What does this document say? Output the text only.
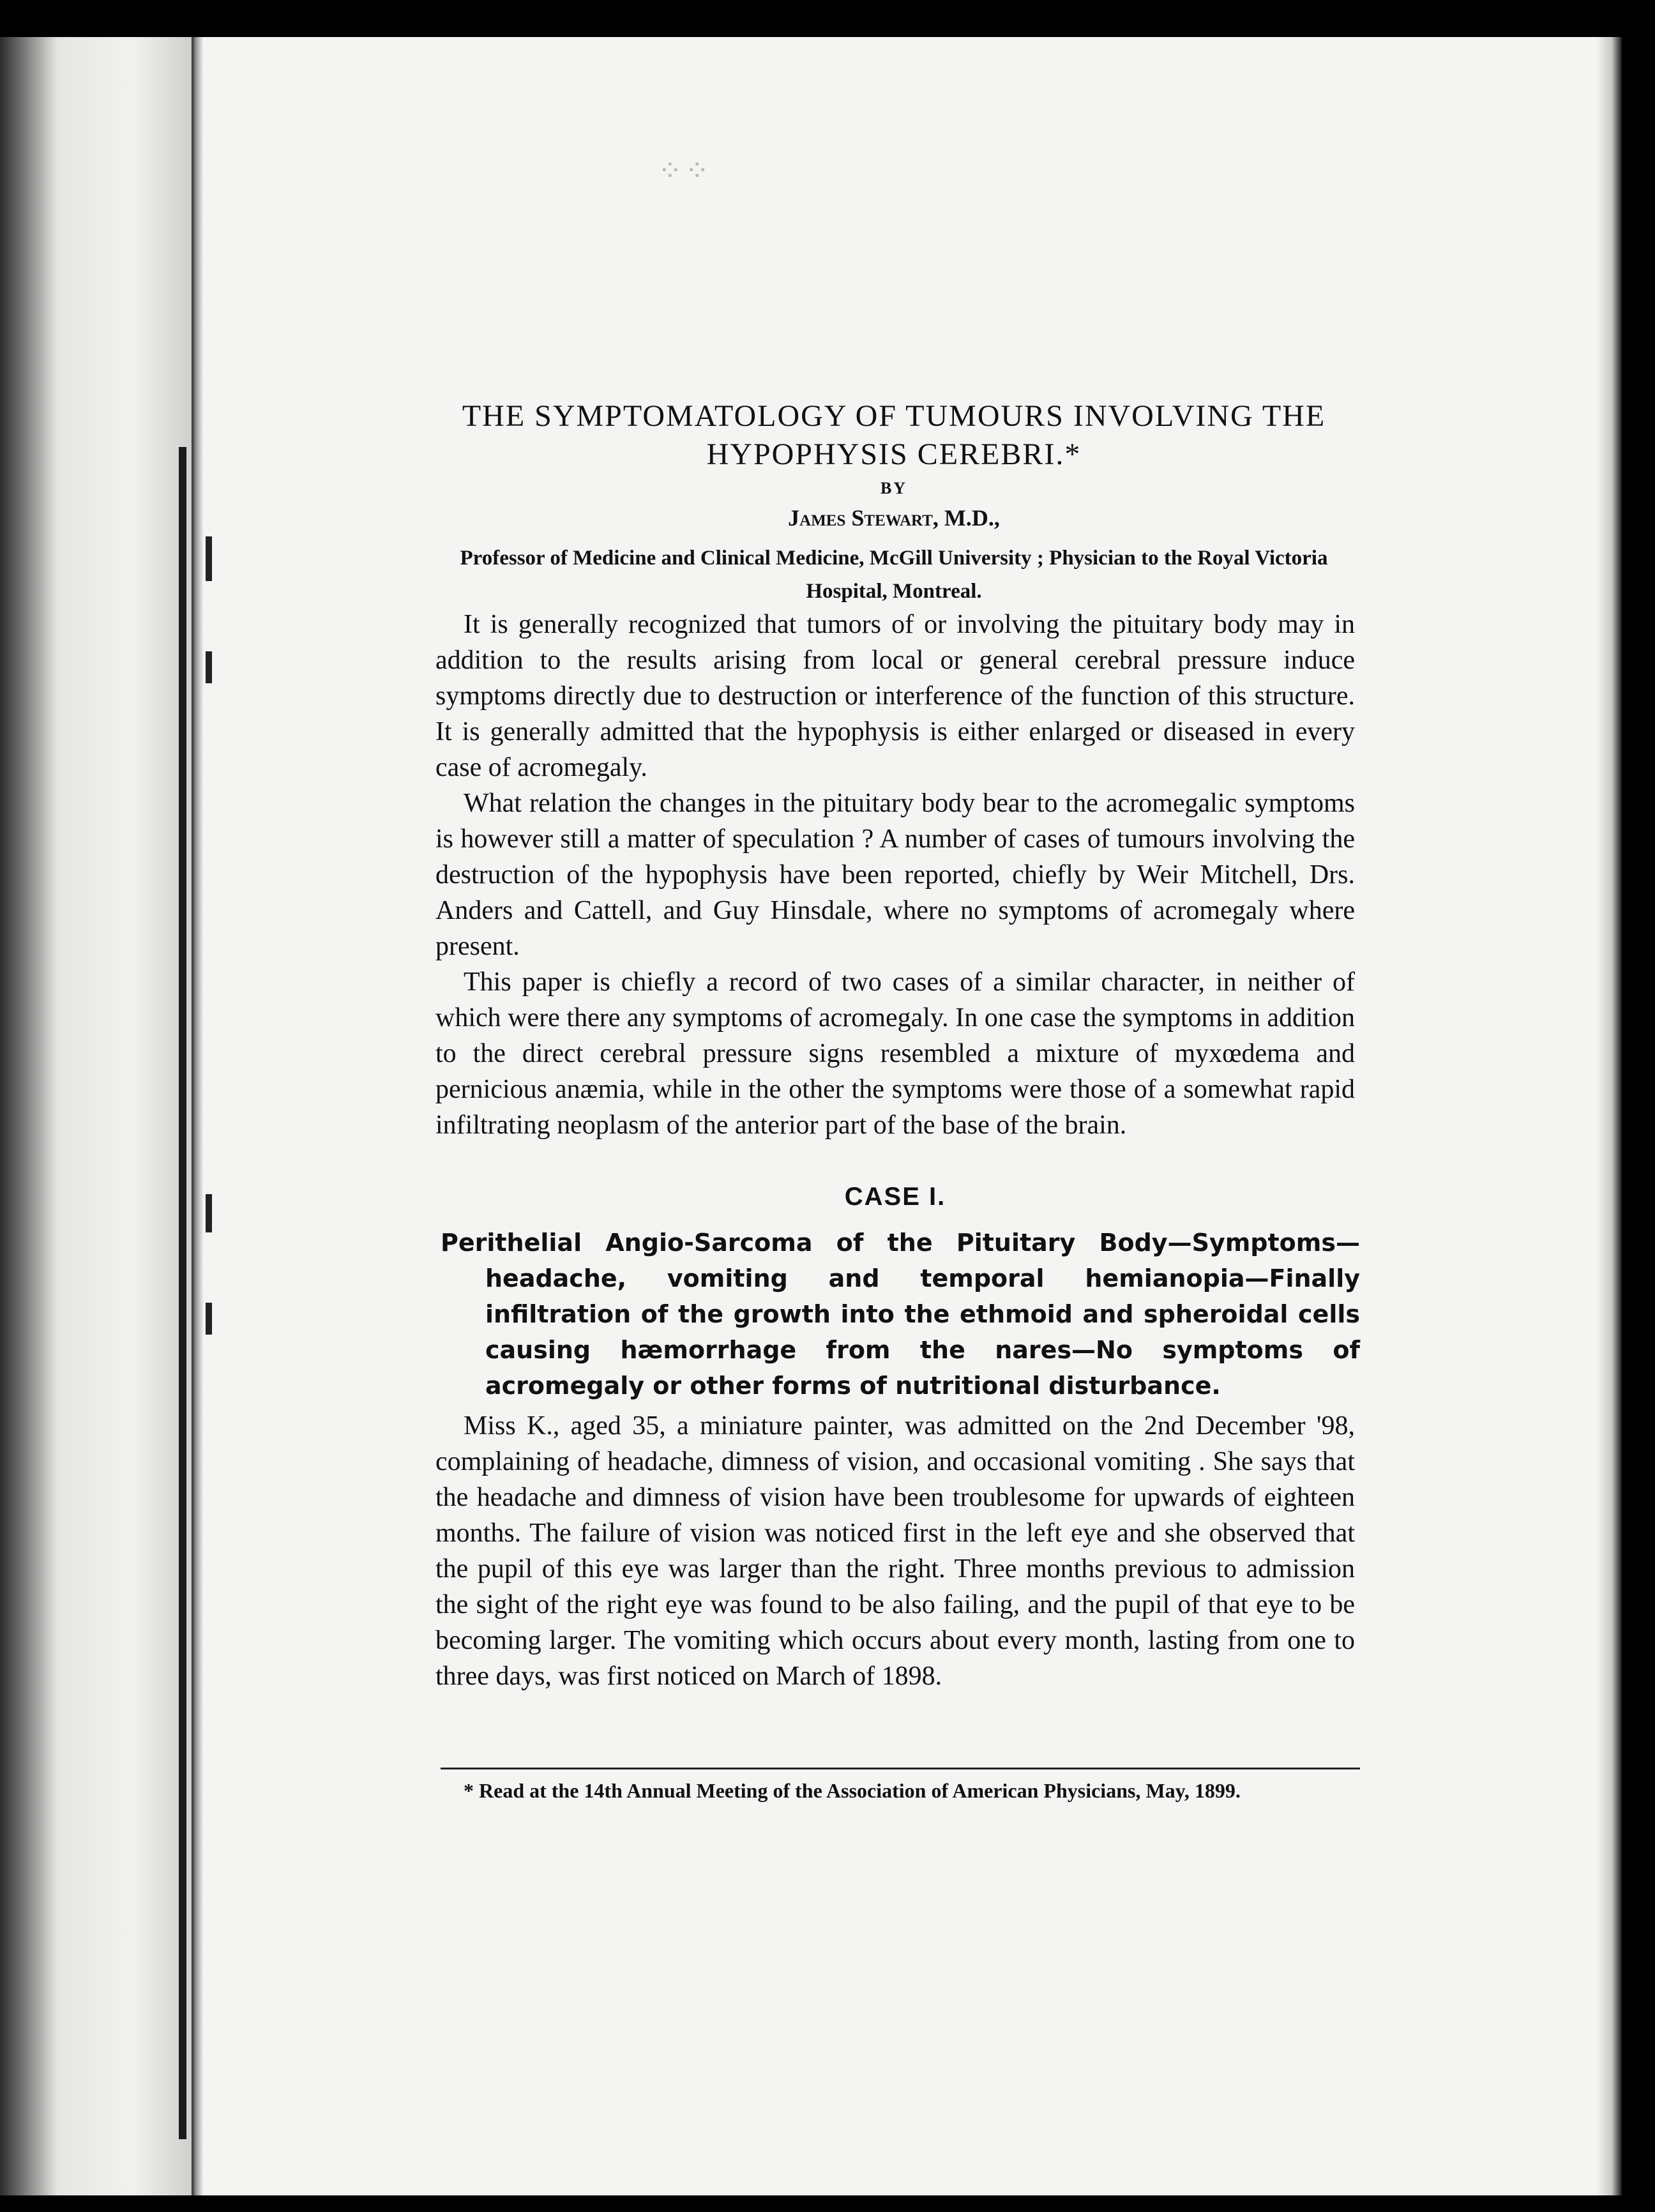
⁘⁘
THE SYMPTOMATOLOGY OF TUMOURS INVOLVING THE HYPOPHYSIS CEREBRI.*
BY
James Stewart, M.D.,
Professor of Medicine and Clinical Medicine, McGill University ; Physician to the Royal Victoria Hospital, Montreal.

It is generally recognized that tumors of or involving the pituitary body may in addition to the results arising from local or general cerebral pressure induce symptoms directly due to destruction or interference of the function of this structure. It is generally admitted that the hypophysis is either enlarged or diseased in every case of acromegaly.

What relation the changes in the pituitary body bear to the acromegalic symptoms is however still a matter of speculation ? A number of cases of tumours involving the destruction of the hypophysis have been reported, chiefly by Weir Mitchell, Drs. Anders and Cattell, and Guy Hinsdale, where no symptoms of acromegaly where present.

This paper is chiefly a record of two cases of a similar character, in neither of which were there any symptoms of acromegaly. In one case the symptoms in addition to the direct cerebral pressure signs resembled a mixture of myxœdema and pernicious anæmia, while in the other the symptoms were those of a somewhat rapid infiltrating neoplasm of the anterior part of the base of the brain.

CASE I.
Perithelial Angio-Sarcoma of the Pituitary Body—Symptoms—headache, vomiting and temporal hemianopia—Finally infiltration of the growth into the ethmoid and spheroidal cells causing hæmorrhage from the nares—No symptoms of acromegaly or other forms of nutritional disturbance.

Miss K., aged 35, a miniature painter, was admitted on the 2nd December '98, complaining of headache, dimness of vision, and occasional vomiting . She says that the headache and dimness of vision have been troublesome for upwards of eighteen months. The failure of vision was noticed first in the left eye and she observed that the pupil of this eye was larger than the right. Three months previous to admission the sight of the right eye was found to be also failing, and the pupil of that eye to be becoming larger. The vomiting which occurs about every month, lasting from one to three days, was first noticed on March of 1898.

* Read at the 14th Annual Meeting of the Association of American Physicians, May, 1899.
